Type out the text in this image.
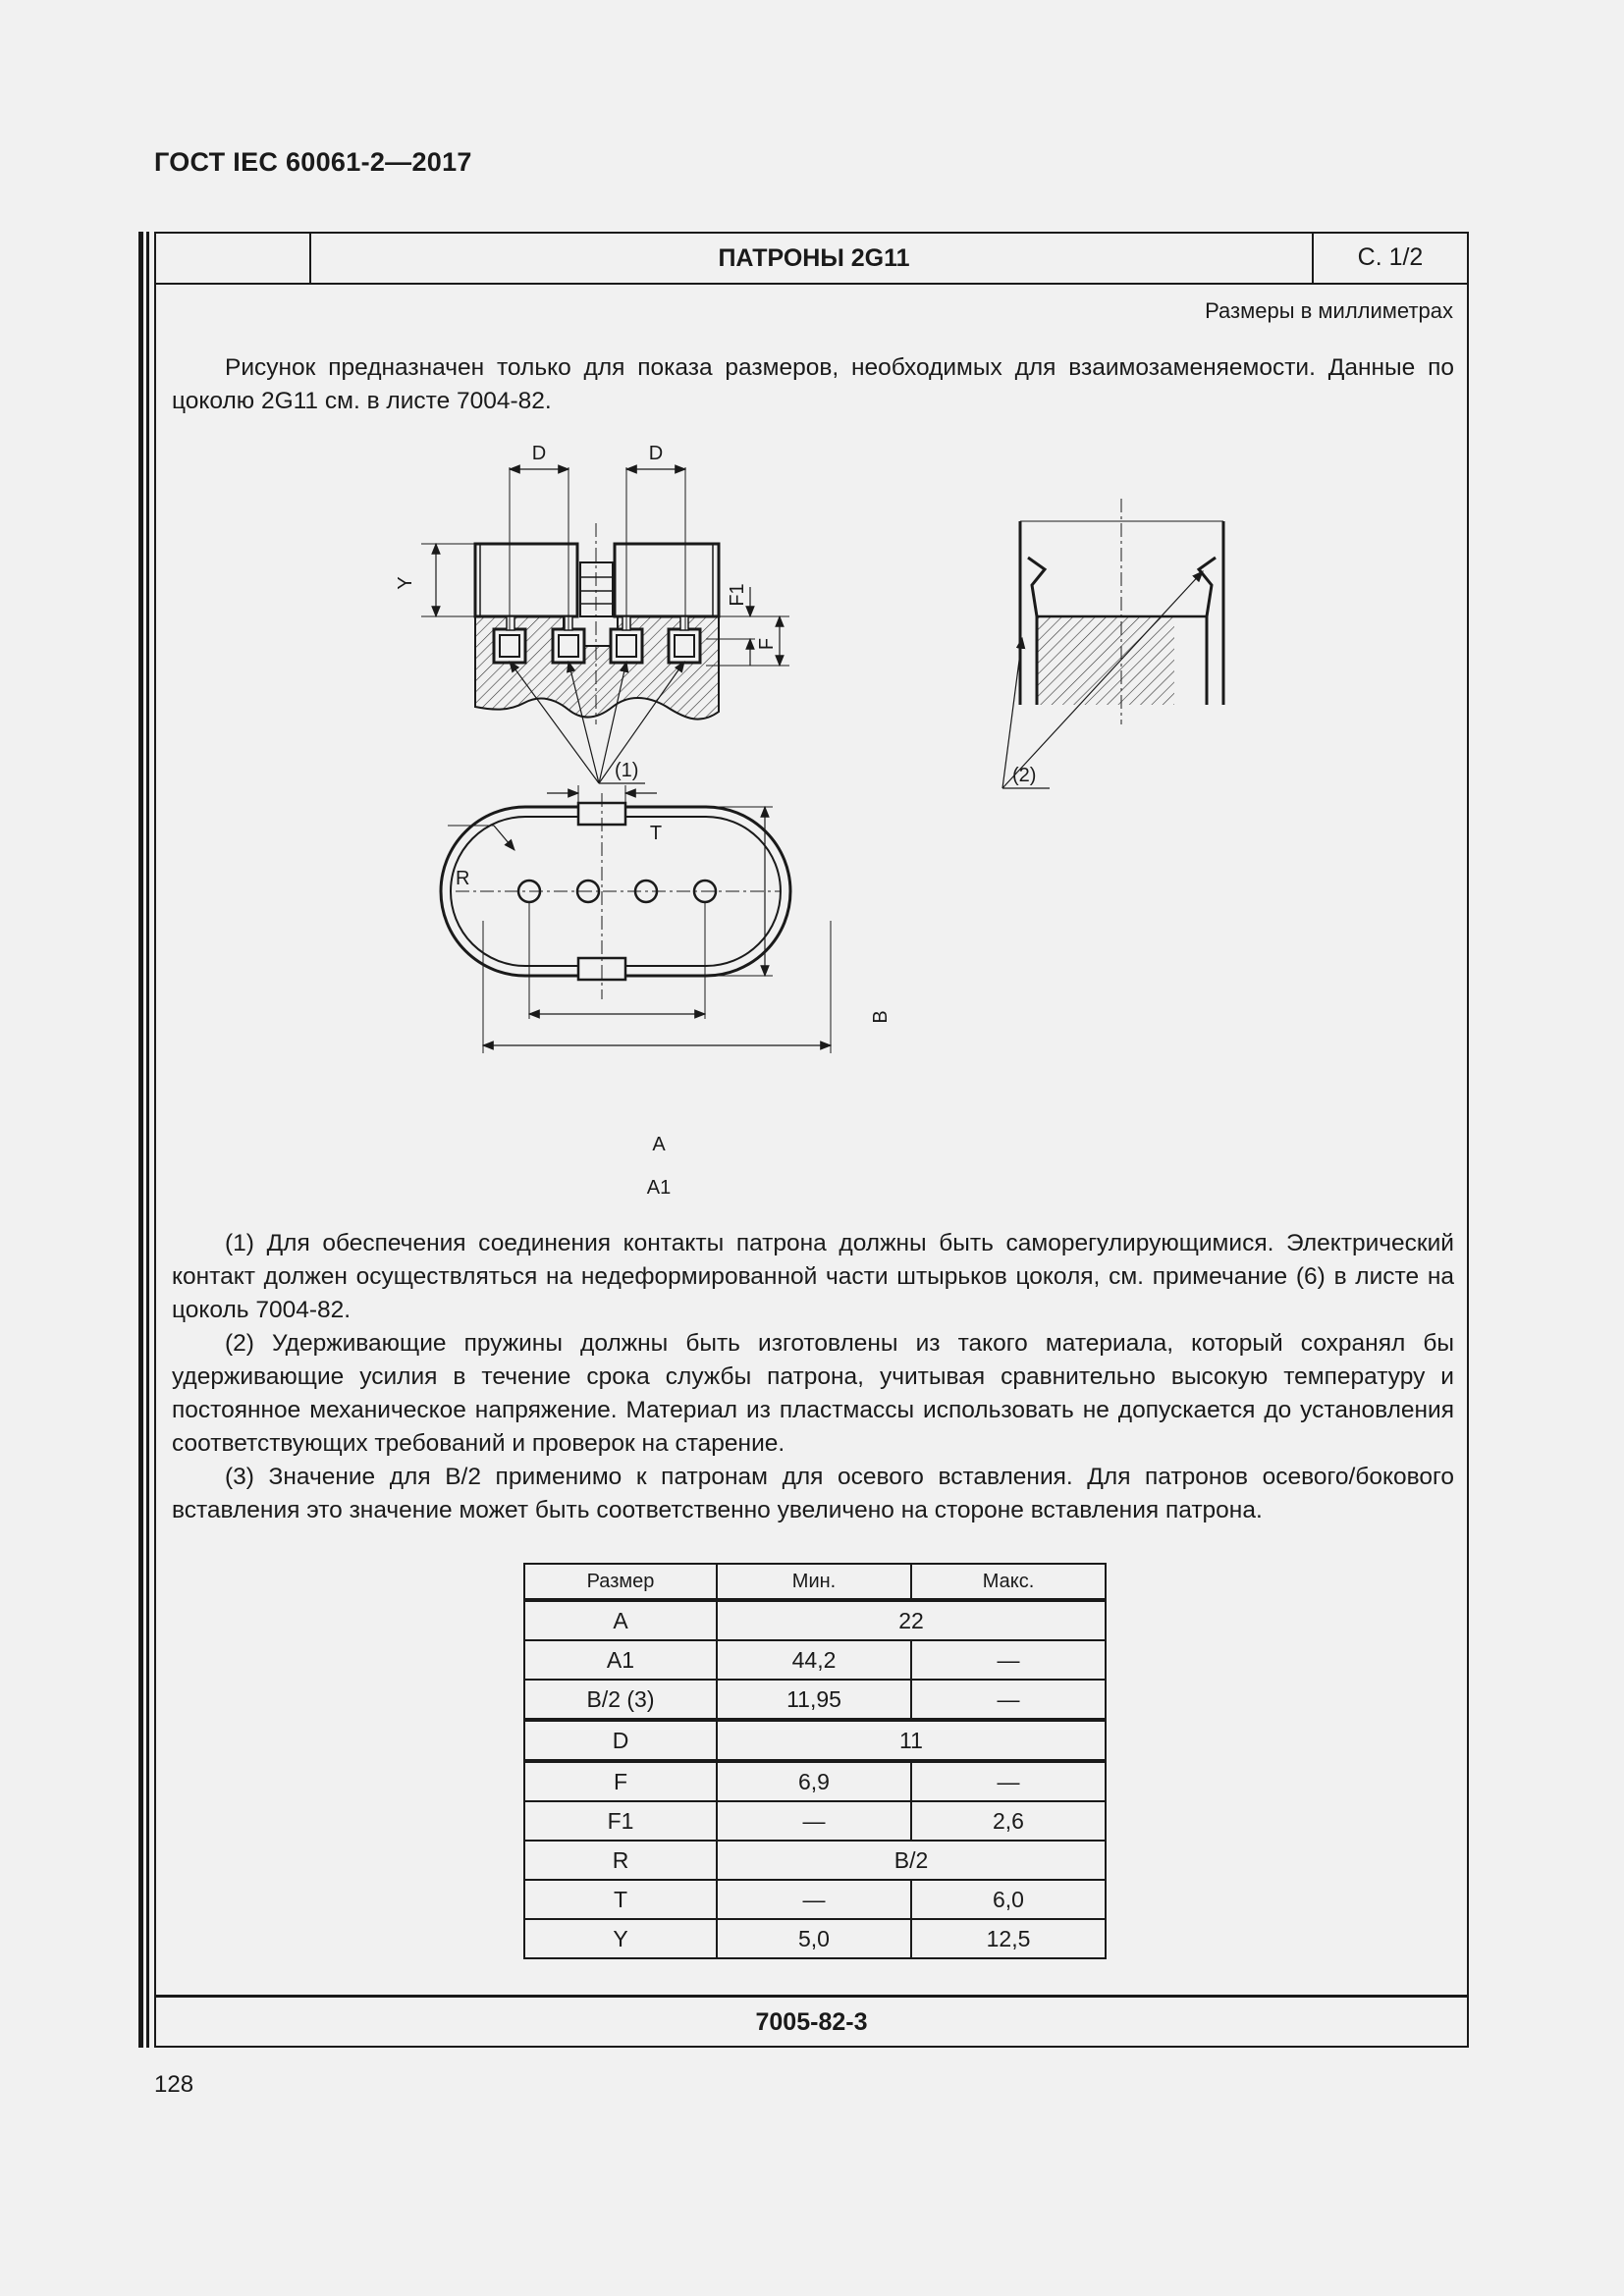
ГОСТ IEC 60061-2—2017
ПАТРОНЫ 2G11	С. 1/2
Размеры в миллиметрах

Рисунок предназначен только для показа размеров, необходимых для взаимозаменяемости. Данные по цоколю 2G11 см. в листе 7004-82.

D	D
Y
F1
F
(1)	(2)
T
R
B
A
A1

(1) Для обеспечения соединения контакты патрона должны быть саморегулирующимися. Электрический контакт должен осуществляться на недеформированной части штырьков цоколя, см. примечание (6) в листе на цоколь 7004-82.

(2) Удерживающие пружины должны быть изготовлены из такого материала, который сохранял бы удерживающие усилия в течение срока службы патрона, учитывая сравнительно высокую температуру и постоянное механическое напряжение. Материал из пластмассы использовать не допускается до установления соответствующих требований и проверок на старение.

(3) Значение для B/2 применимо к патронам для осевого вставления. Для патронов осевого/бокового вставления это значение может быть соответственно увеличено на стороне вставления патрона.

Размер	Мин.	Макс.
A	22	
A1	44,2	—
B/2 (3)	11,95	—
D	11	
F	6,9	—
F1	—	2,6
R	B/2	
T	—	6,0
Y	5,0	12,5
7005-82-3
128
